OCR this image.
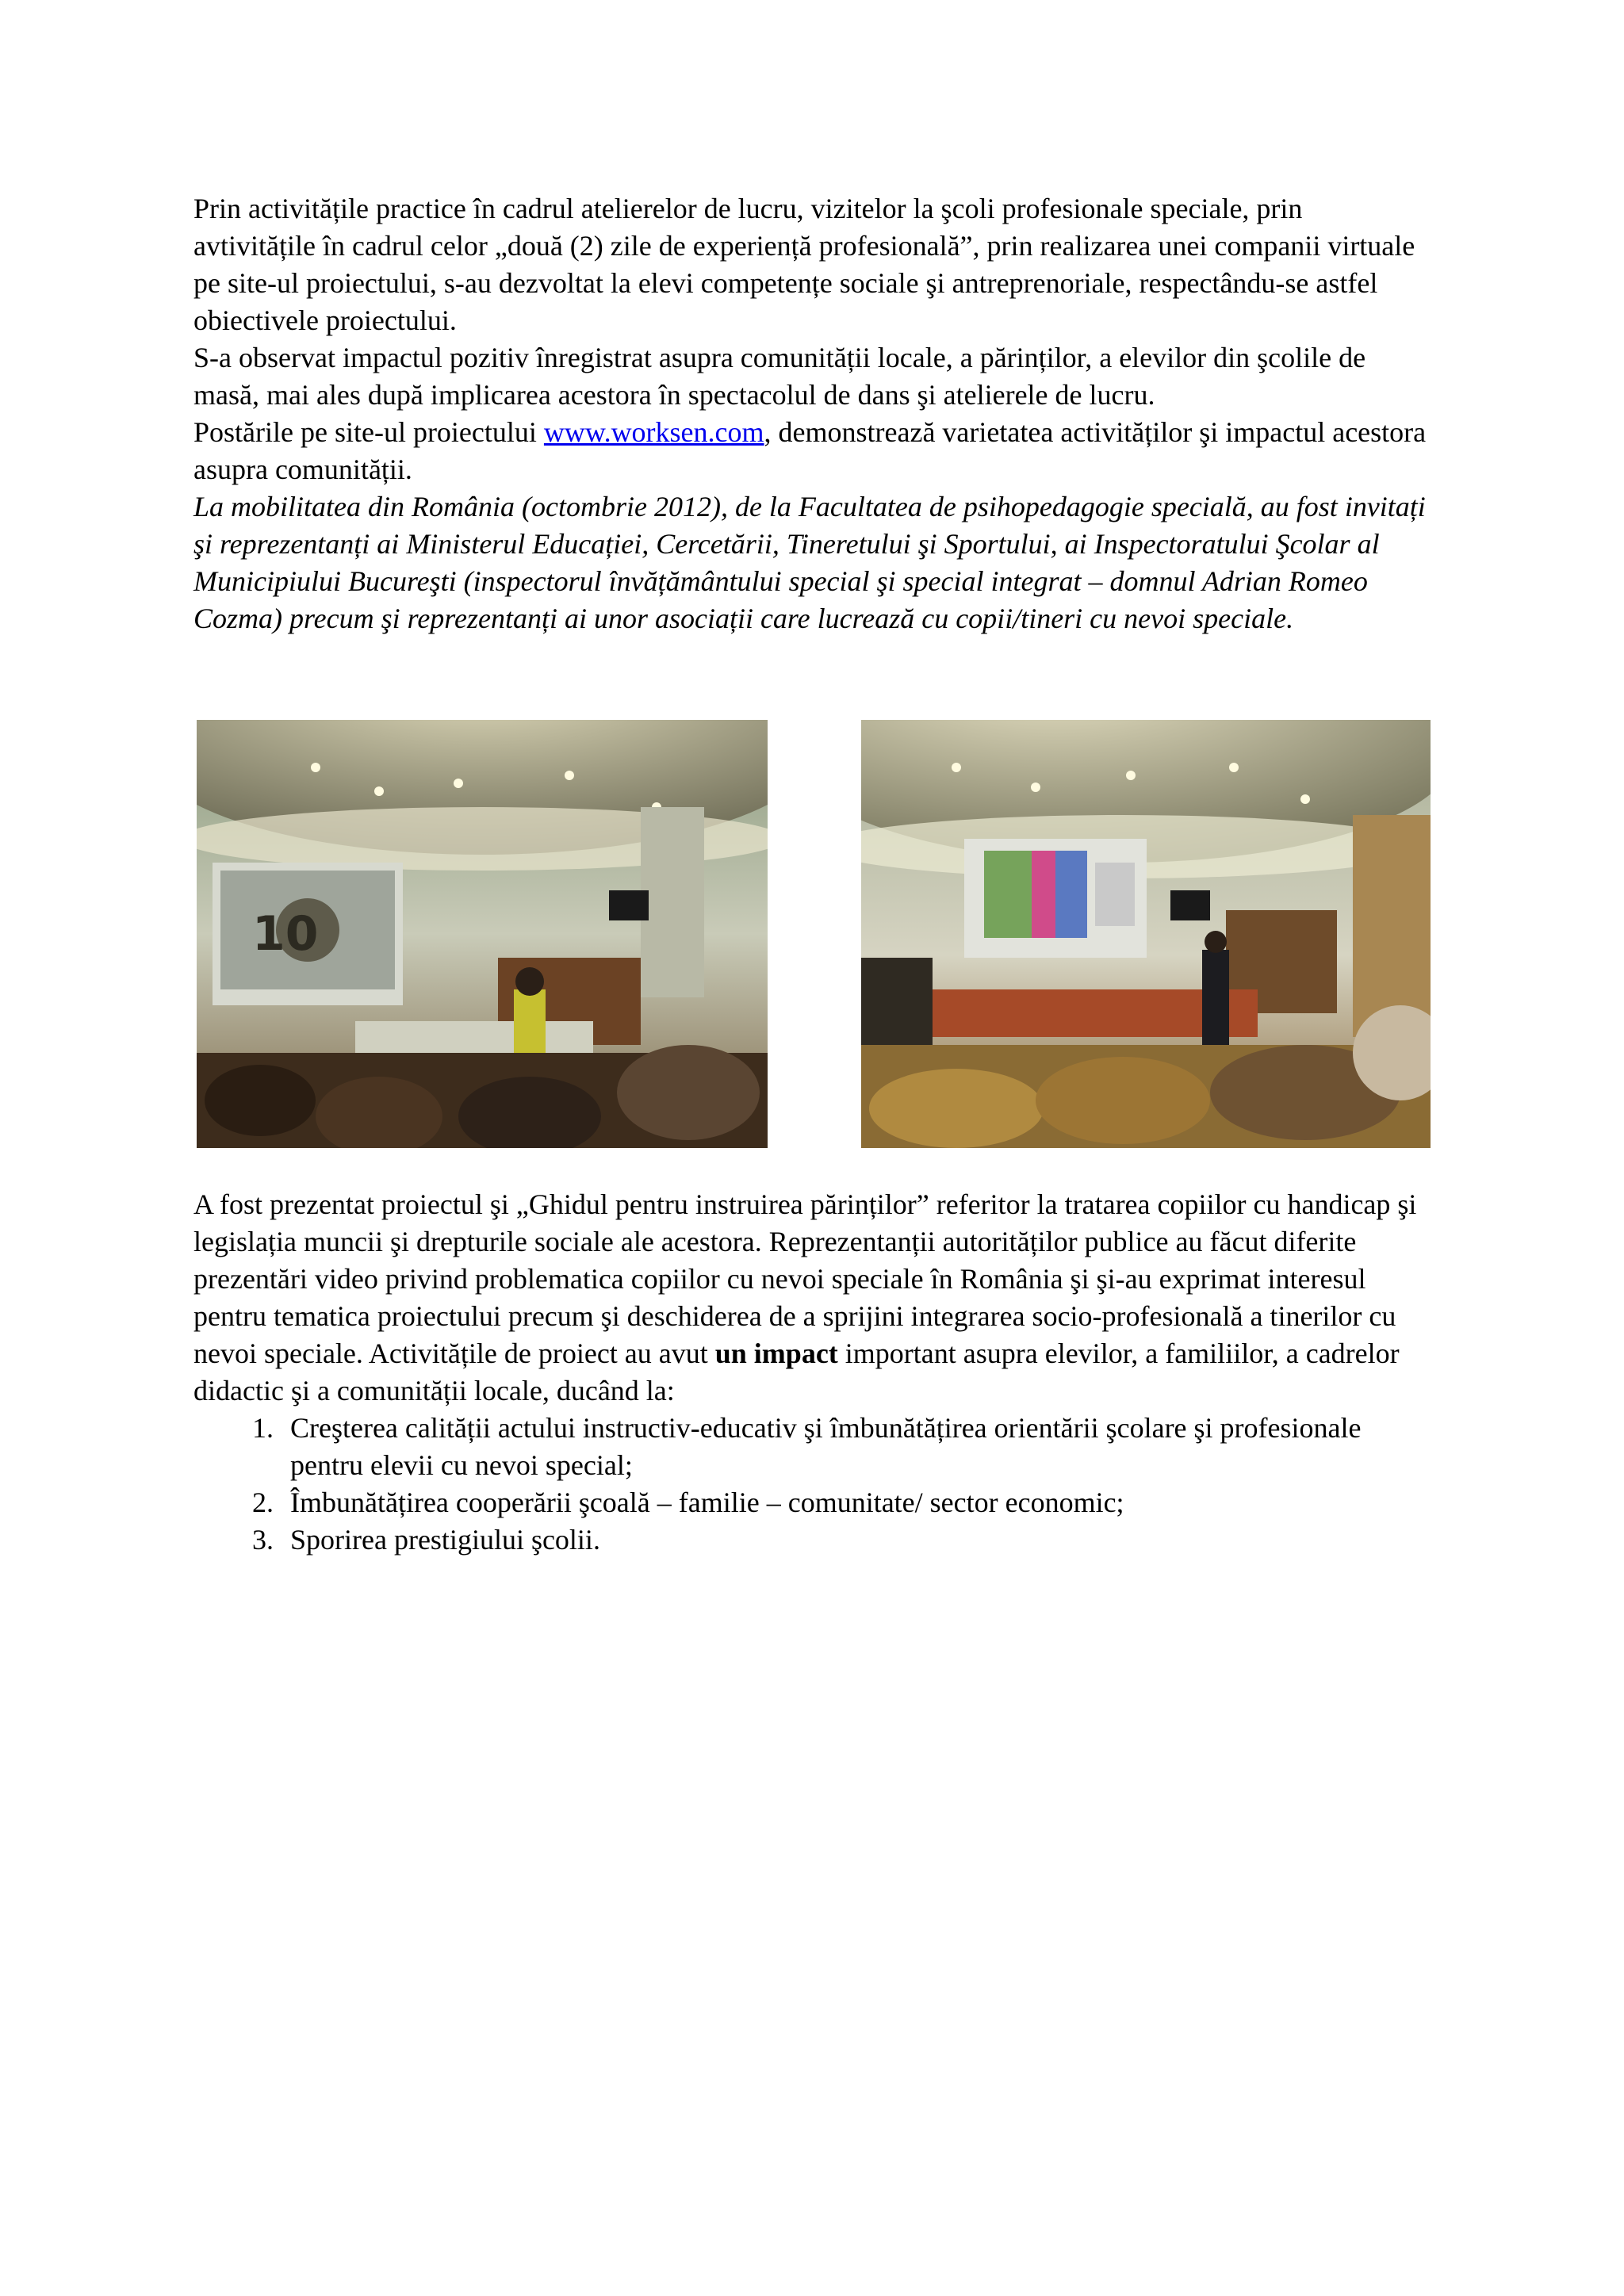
Prin activitățile practice în cadrul atelierelor de lucru, vizitelor la şcoli profesionale speciale, prin avtivitățile în cadrul celor „două (2) zile de experiență profesională”, prin realizarea unei companii virtuale pe site-ul proiectului, s-au dezvoltat la elevi competențe sociale şi antreprenoriale, respectându-se astfel obiectivele proiectului.

S-a observat impactul pozitiv înregistrat asupra comunității locale, a părinților, a elevilor din şcolile de masă, mai ales după implicarea acestora în spectacolul de dans şi atelierele de lucru.

Postările pe site-ul proiectului www.worksen.com, demonstrează varietatea activităților şi impactul acestora asupra comunității.

La mobilitatea din România (octombrie 2012), de la Facultatea de psihopedagogie specială, au fost invitați şi reprezentanți ai Ministerul Educației, Cercetării, Tineretului şi Sportului, ai Inspectoratului Şcolar al Municipiului Bucureşti (inspectorul învățământului special şi special integrat – domnul Adrian Romeo Cozma) precum şi reprezentanți ai unor asociații care lucrează cu copii/tineri cu nevoi speciale.

10

A fost prezentat proiectul şi „Ghidul pentru instruirea părinților” referitor la tratarea copiilor cu handicap şi legislația muncii şi drepturile sociale ale acestora. Reprezentanții autorităților publice au făcut diferite prezentări video privind problematica copiilor cu nevoi speciale în România şi şi-au exprimat interesul pentru tematica proiectului precum şi deschiderea de a sprijini integrarea socio-profesională a tinerilor cu nevoi speciale. Activitățile de proiect au avut un impact important asupra elevilor, a familiilor, a cadrelor didactic şi a comunității locale, ducând la:

1. Creşterea calității actului instructiv-educativ şi îmbunătățirea orientării şcolare şi profesionale pentru elevii cu nevoi special;
2. Îmbunătățirea cooperării şcoală – familie – comunitate/ sector economic;
3. Sporirea prestigiului şcolii.
